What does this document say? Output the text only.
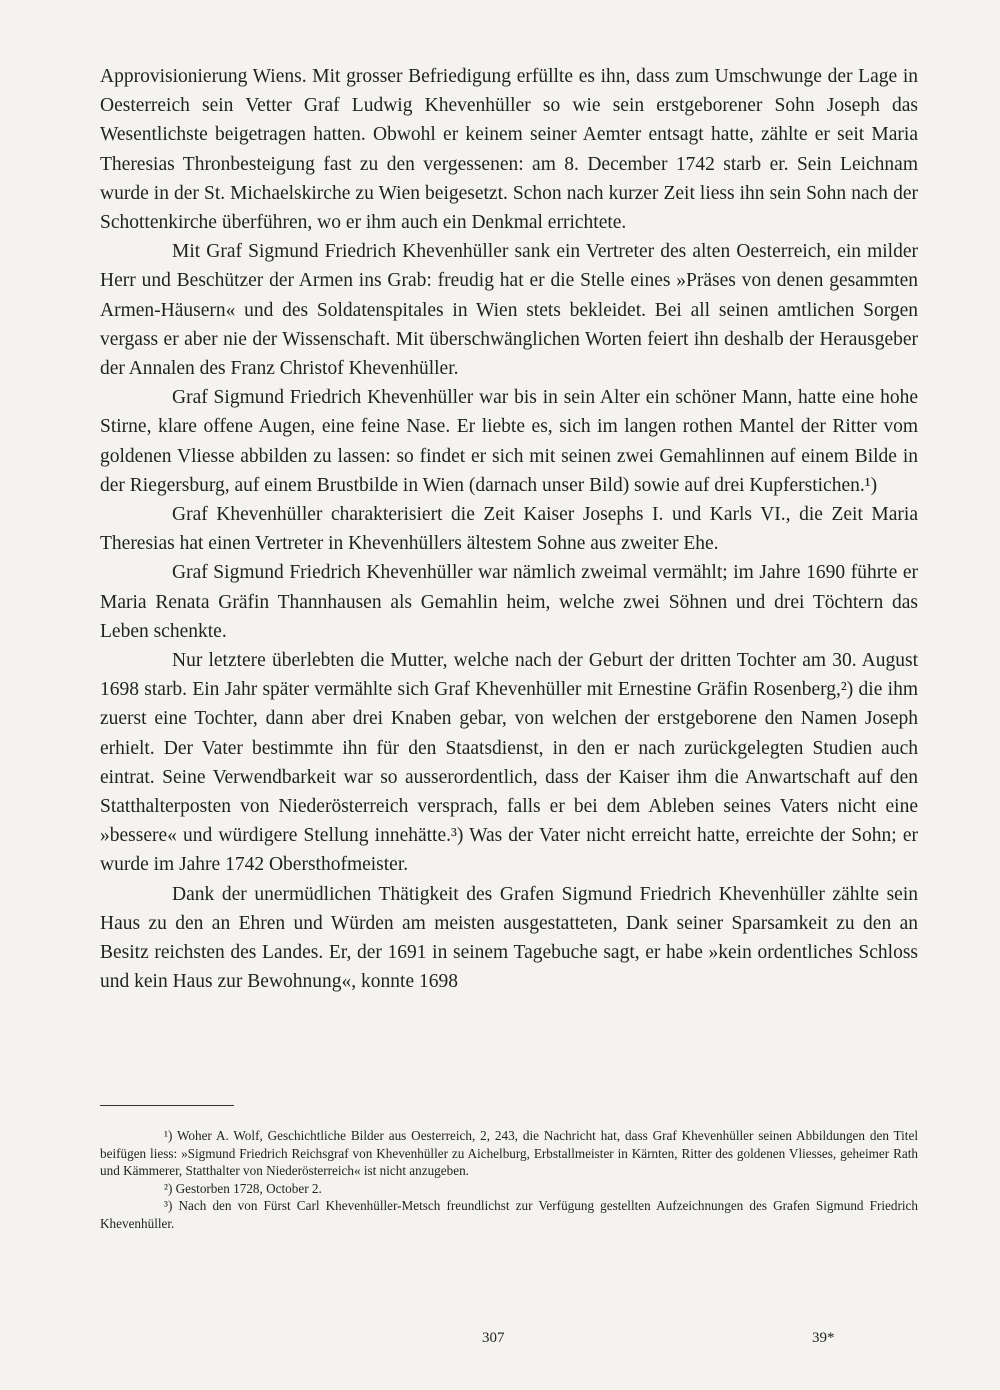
Approvisionierung Wiens. Mit grosser Befriedigung erfüllte es ihn, dass zum Umschwunge der Lage in Oesterreich sein Vetter Graf Ludwig Khevenhüller so wie sein erstgeborener Sohn Joseph das Wesentlichste beigetragen hatten. Obwohl er keinem seiner Aemter entsagt hatte, zählte er seit Maria Theresias Thronbesteigung fast zu den vergessenen: am 8. December 1742 starb er. Sein Leichnam wurde in der St. Michaelskirche zu Wien beigesetzt. Schon nach kurzer Zeit liess ihn sein Sohn nach der Schottenkirche überführen, wo er ihm auch ein Denkmal errichtete.

Mit Graf Sigmund Friedrich Khevenhüller sank ein Vertreter des alten Oesterreich, ein milder Herr und Beschützer der Armen ins Grab: freudig hat er die Stelle eines »Präses von denen gesammten Armen-Häusern« und des Soldatenspitales in Wien stets bekleidet. Bei all seinen amtlichen Sorgen vergass er aber nie der Wissenschaft. Mit überschwänglichen Worten feiert ihn deshalb der Herausgeber der Annalen des Franz Christof Khevenhüller.

Graf Sigmund Friedrich Khevenhüller war bis in sein Alter ein schöner Mann, hatte eine hohe Stirne, klare offene Augen, eine feine Nase. Er liebte es, sich im langen rothen Mantel der Ritter vom goldenen Vliesse abbilden zu lassen: so findet er sich mit seinen zwei Gemahlinnen auf einem Bilde in der Riegersburg, auf einem Brustbilde in Wien (darnach unser Bild) sowie auf drei Kupferstichen.¹)

Graf Khevenhüller charakterisiert die Zeit Kaiser Josephs I. und Karls VI., die Zeit Maria Theresias hat einen Vertreter in Khevenhüllers ältestem Sohne aus zweiter Ehe.

Graf Sigmund Friedrich Khevenhüller war nämlich zweimal vermählt; im Jahre 1690 führte er Maria Renata Gräfin Thannhausen als Gemahlin heim, welche zwei Söhnen und drei Töchtern das Leben schenkte.

Nur letztere überlebten die Mutter, welche nach der Geburt der dritten Tochter am 30. August 1698 starb. Ein Jahr später vermählte sich Graf Khevenhüller mit Ernestine Gräfin Rosenberg,²) die ihm zuerst eine Tochter, dann aber drei Knaben gebar, von welchen der erstgeborene den Namen Joseph erhielt. Der Vater bestimmte ihn für den Staatsdienst, in den er nach zurückgelegten Studien auch eintrat. Seine Verwendbarkeit war so ausserordentlich, dass der Kaiser ihm die Anwartschaft auf den Statthalterposten von Niederösterreich versprach, falls er bei dem Ableben seines Vaters nicht eine »bessere« und würdigere Stellung innehätte.³) Was der Vater nicht erreicht hatte, erreichte der Sohn; er wurde im Jahre 1742 Obersthofmeister.

Dank der unermüdlichen Thätigkeit des Grafen Sigmund Friedrich Khevenhüller zählte sein Haus zu den an Ehren und Würden am meisten ausgestatteten, Dank seiner Sparsamkeit zu den an Besitz reichsten des Landes. Er, der 1691 in seinem Tagebuche sagt, er habe »kein ordentliches Schloss und kein Haus zur Bewohnung«, konnte 1698

¹) Woher A. Wolf, Geschichtliche Bilder aus Oesterreich, 2, 243, die Nachricht hat, dass Graf Khevenhüller seinen Abbildungen den Titel beifügen liess: »Sigmund Friedrich Reichsgraf von Khevenhüller zu Aichelburg, Erbstallmeister in Kärnten, Ritter des goldenen Vliesses, geheimer Rath und Kämmerer, Statthalter von Niederösterreich« ist nicht anzugeben.

²) Gestorben 1728, October 2.

³) Nach den von Fürst Carl Khevenhüller-Metsch freundlichst zur Verfügung gestellten Aufzeichnungen des Grafen Sigmund Friedrich Khevenhüller.

307	39*
